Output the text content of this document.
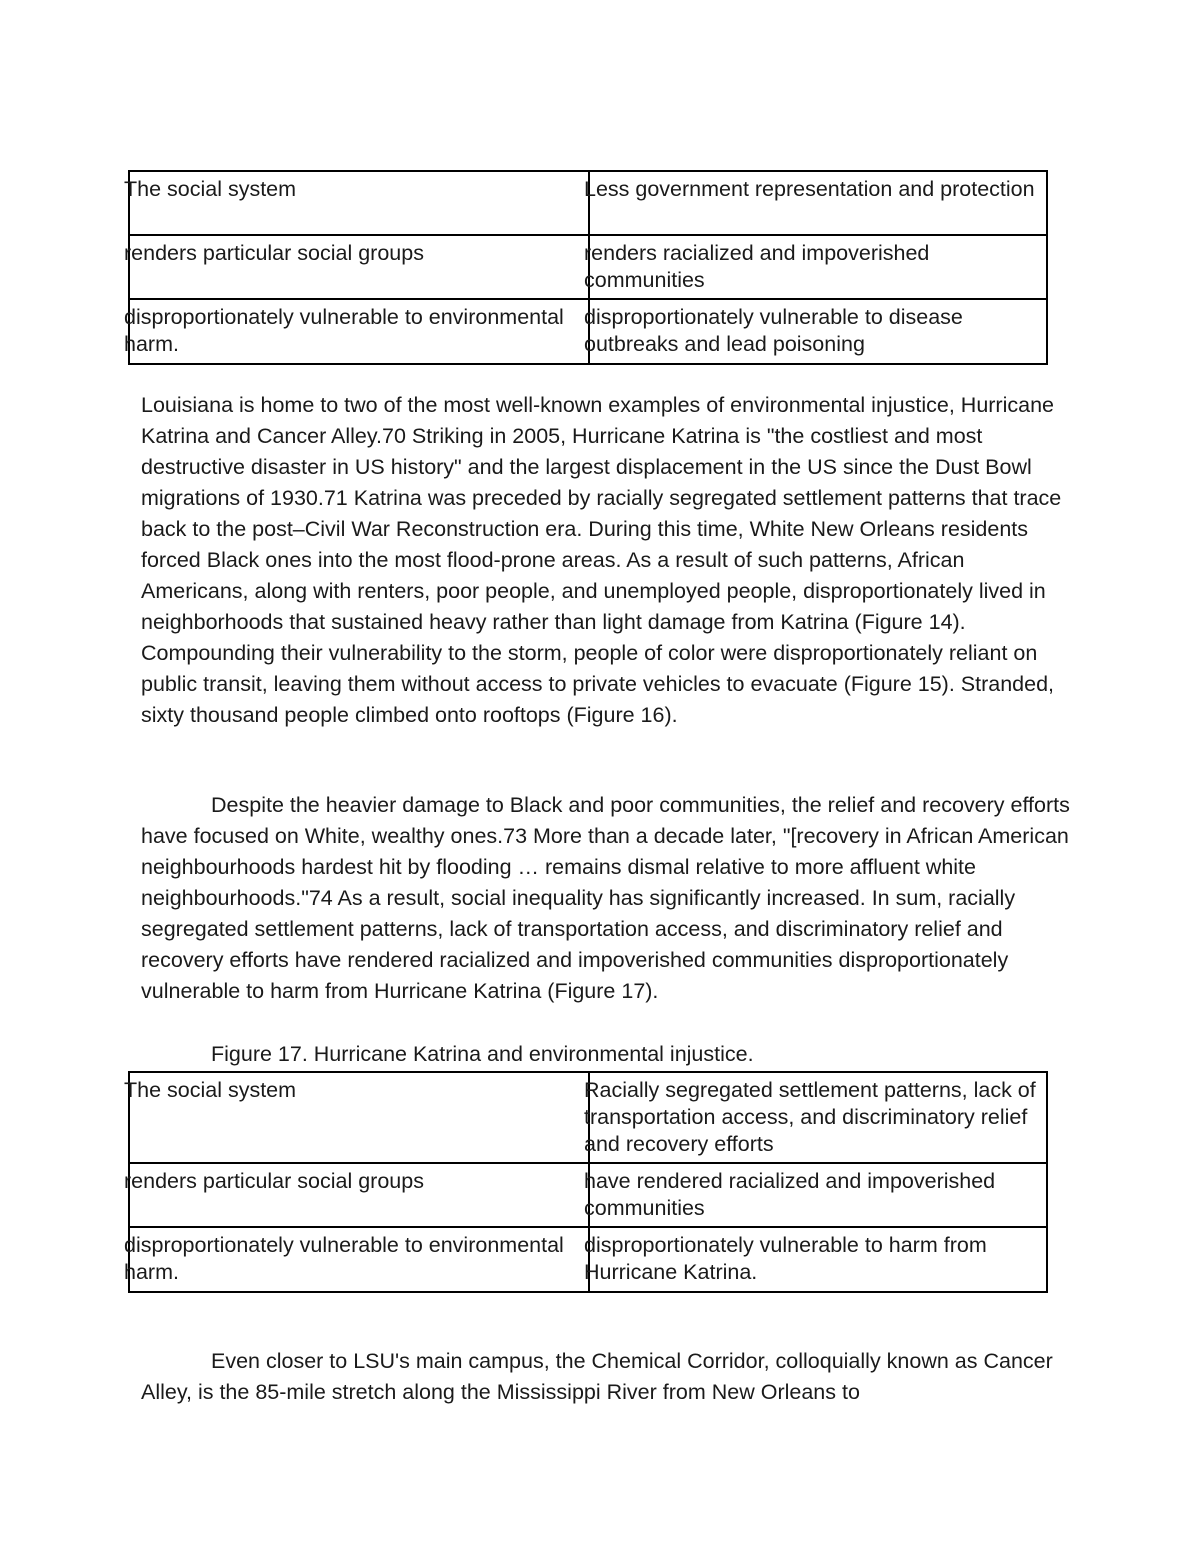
The social system	Less government representation and protection

renders particular social groups	renders racialized and impoverished communities

disproportionately vulnerable to environmental harm.	disproportionately vulnerable to disease outbreaks and lead poisoning

Louisiana is home to two of the most well-known examples of environmental injustice, Hurricane Katrina and Cancer Alley.70 Striking in 2005, Hurricane Katrina is "the costliest and most destructive disaster in US history" and the largest displacement in the US since the Dust Bowl migrations of 1930.71 Katrina was preceded by racially segregated settlement patterns that trace back to the post–Civil War Reconstruction era. During this time, White New Orleans residents forced Black ones into the most flood-prone areas. As a result of such patterns, African Americans, along with renters, poor people, and unemployed people, disproportionately lived in neighborhoods that sustained heavy rather than light damage from Katrina (Figure 14). Compounding their vulnerability to the storm, people of color were disproportionately reliant on public transit, leaving them without access to private vehicles to evacuate (Figure 15). Stranded, sixty thousand people climbed onto rooftops (Figure 16).

Despite the heavier damage to Black and poor communities, the relief and recovery efforts have focused on White, wealthy ones.73 More than a decade later, "[recovery in African American neighbourhoods hardest hit by flooding … remains dismal relative to more affluent white neighbourhoods."74 As a result, social inequality has significantly increased. In sum, racially segregated settlement patterns, lack of transportation access, and discriminatory relief and recovery efforts have rendered racialized and impoverished communities disproportionately vulnerable to harm from Hurricane Katrina (Figure 17).

Figure 17. Hurricane Katrina and environmental injustice.

The social system	Racially segregated settlement patterns, lack of transportation access, and discriminatory relief and recovery efforts

renders particular social groups	have rendered racialized and impoverished communities

disproportionately vulnerable to environmental harm.	disproportionately vulnerable to harm from Hurricane Katrina.

Even closer to LSU's main campus, the Chemical Corridor, colloquially known as Cancer Alley, is the 85-mile stretch along the Mississippi River from New Orleans to
